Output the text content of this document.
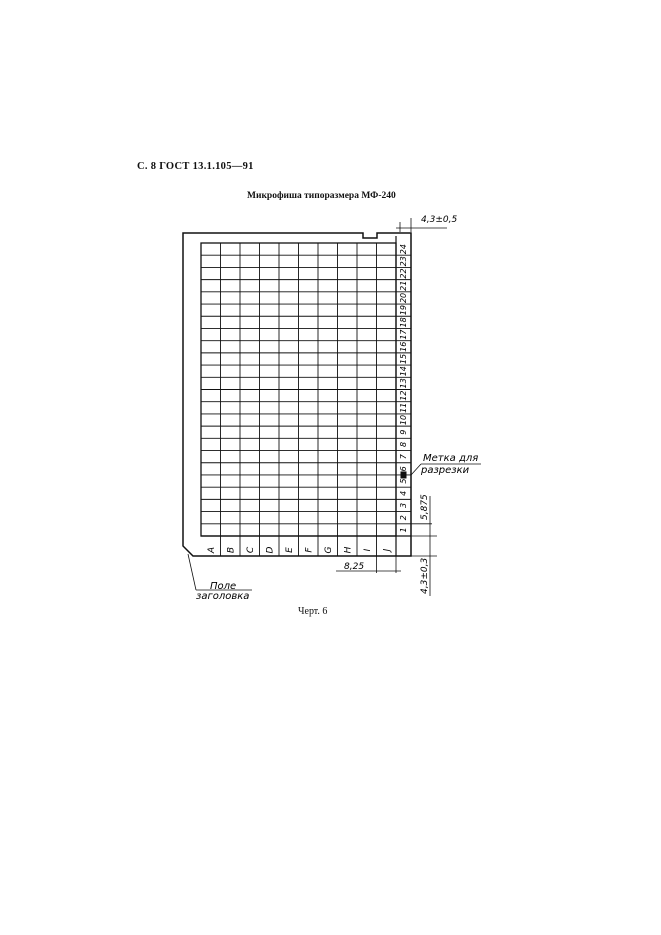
С. 8 ГОСТ 13.1.105—91
Микрофиша типоразмера МФ-240
A B C D E F G H I J
1
2
3
4
5
6
7
8
9
10
11
12
13
14
15
16
17
18
19
20
21
22
23
24
4,3±0,5
5,875
8,25	4,3±0,3
Метка для
разрезки
Поле
заголовка
Черт. 6
